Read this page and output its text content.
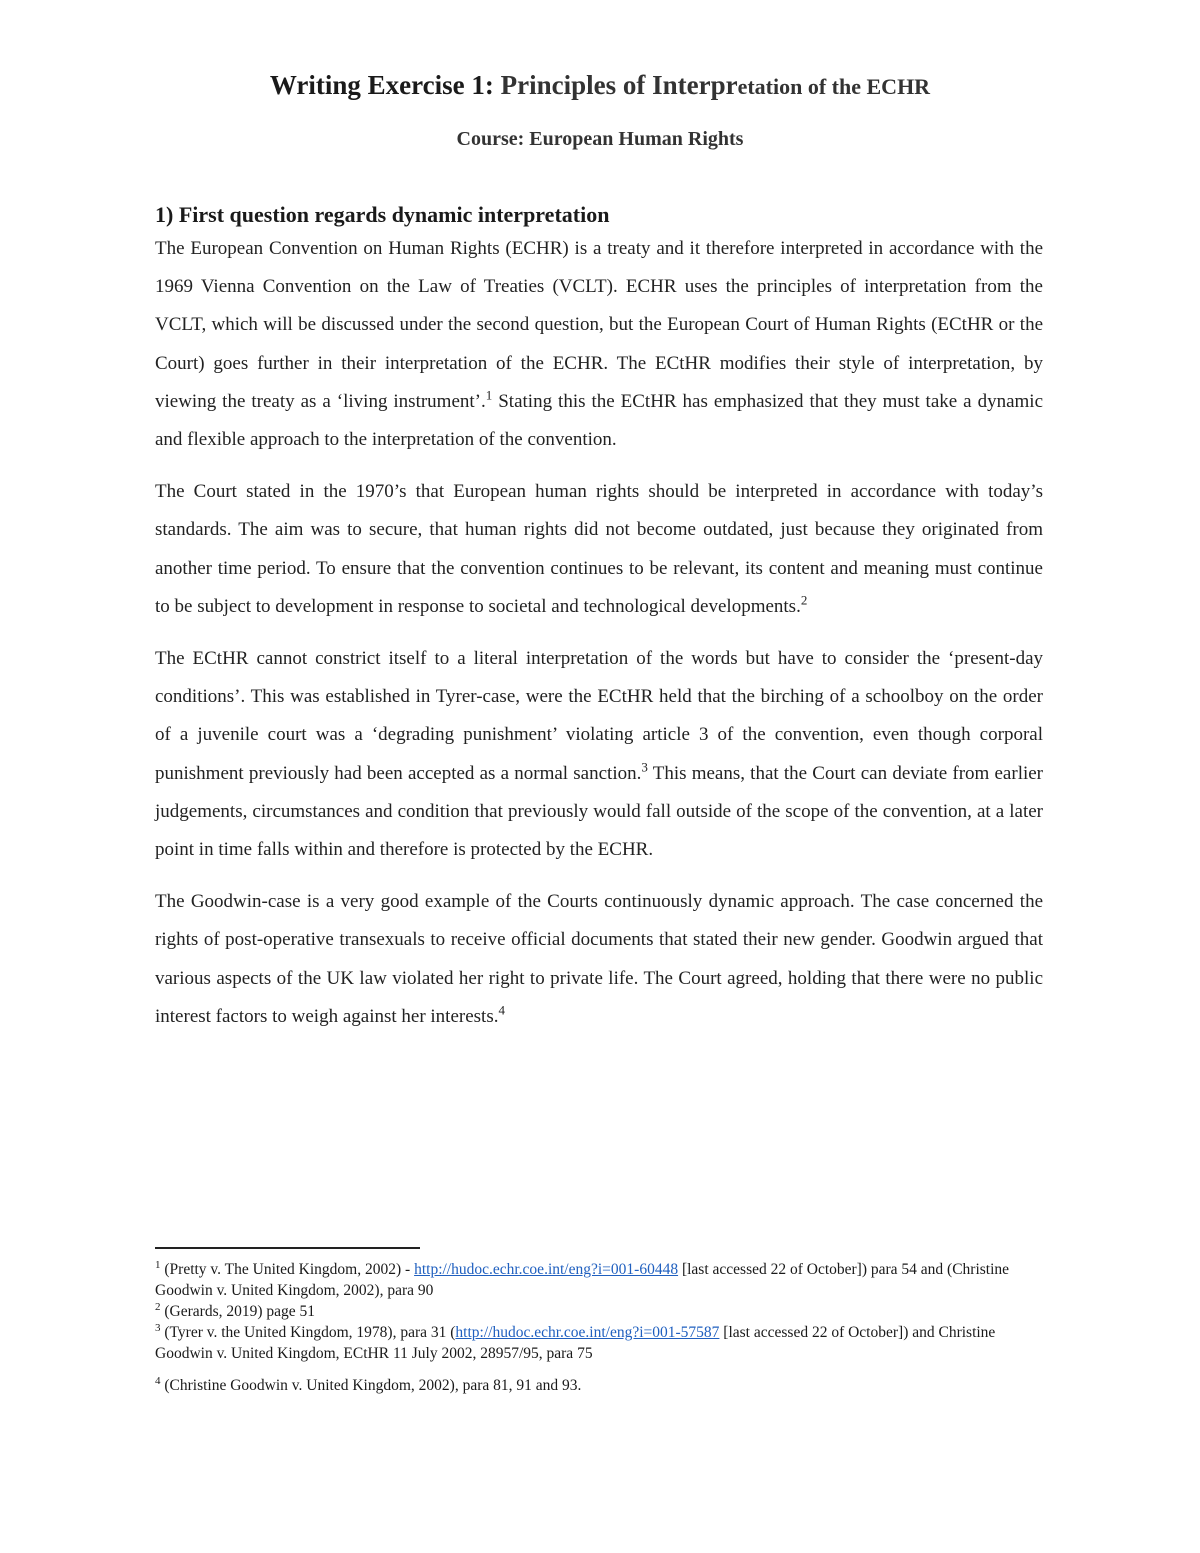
Writing Exercise 1: Principles of Interpretation of the ECHR
Course: European Human Rights
1) First question regards dynamic interpretation

The European Convention on Human Rights (ECHR) is a treaty and it therefore interpreted in accordance with the 1969 Vienna Convention on the Law of Treaties (VCLT). ECHR uses the principles of interpretation from the VCLT, which will be discussed under the second question, but the European Court of Human Rights (ECtHR or the Court) goes further in their interpretation of the ECHR. The ECtHR modifies their style of interpretation, by viewing the treaty as a ‘living instrument’.$^1$ Stating this the ECtHR has emphasized that they must take a dynamic and flexible approach to the interpretation of the convention.

The Court stated in the 1970’s that European human rights should be interpreted in accordance with today’s standards. The aim was to secure, that human rights did not become outdated, just because they originated from another time period. To ensure that the convention continues to be relevant, its content and meaning must continue to be subject to development in response to societal and technological developments.$^2$

The ECtHR cannot constrict itself to a literal interpretation of the words but have to consider the ‘present-day conditions’. This was established in Tyrer-case, were the ECtHR held that the birching of a schoolboy on the order of a juvenile court was a ‘degrading punishment’ violating article 3 of the convention, even though corporal punishment previously had been accepted as a normal sanction.$^3$ This means, that the Court can deviate from earlier judgements, circumstances and condition that previously would fall outside of the scope of the convention, at a later point in time falls within and therefore is protected by the ECHR.

The Goodwin-case is a very good example of the Courts continuously dynamic approach. The case concerned the rights of post-operative transexuals to receive official documents that stated their new gender. Goodwin argued that various aspects of the UK law violated her right to private life. The Court agreed, holding that there were no public interest factors to weigh against her interests.$^4$

$^1$ (Pretty v. The United Kingdom, 2002) - http://hudoc.echr.coe.int/eng?i=001-60448 [last accessed 22 of October]) para 54 and (Christine Goodwin v. United Kingdom, 2002), para 90

$^2$ (Gerards, 2019) page 51

$^3$ (Tyrer v. the United Kingdom, 1978), para 31 (http://hudoc.echr.coe.int/eng?i=001-57587 [last accessed 22 of October]) and Christine Goodwin v. United Kingdom, ECtHR 11 July 2002, 28957/95, para 75

$^4$ (Christine Goodwin v. United Kingdom, 2002), para 81, 91 and 93.
